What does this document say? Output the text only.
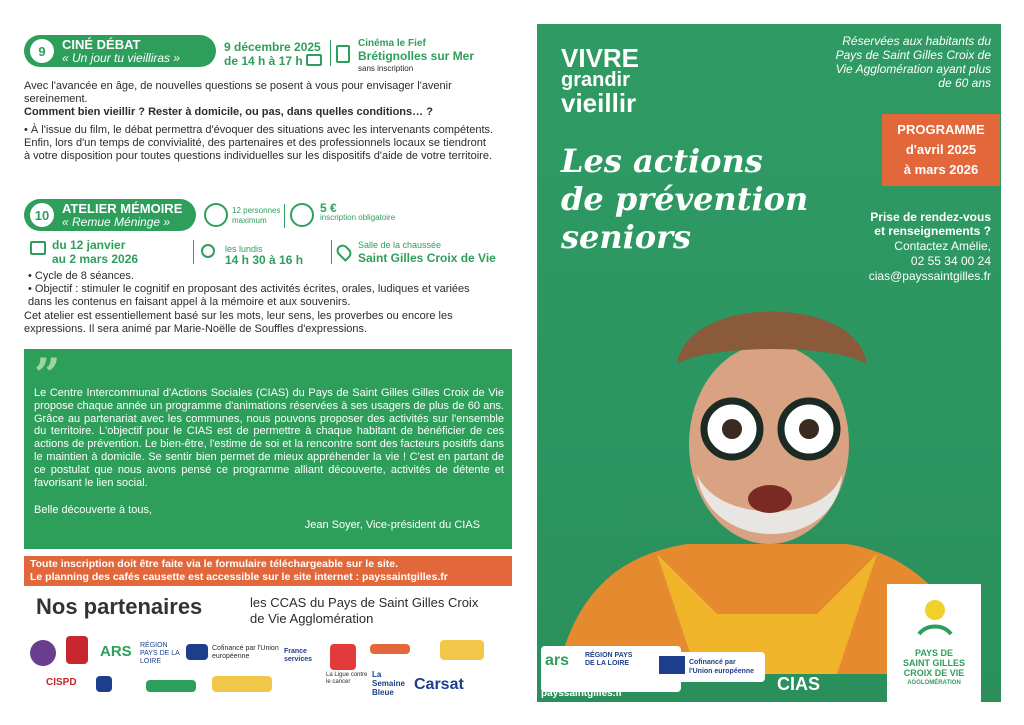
9	CINÉ DÉBAT
« Un jour tu vieilliras »
9 décembre 2025
de 14 h à 17 h
Cinéma le Fief
Brétignolles sur Mer
sans inscription
Avec l'avancée en âge, de nouvelles questions se posent à vous pour envisager l'avenir sereinement.
Comment bien vieillir ? Rester à domicile, ou pas, dans quelles conditions… ?
• À l'issue du film, le débat permettra d'évoquer des situations avec les intervenants compétents. Enfin, lors d'un temps de convivialité, des partenaires et des professionnels locaux se tiendront à votre disposition pour toutes questions individuelles sur les dispositifs d'aide de votre territoire.
10 ATELIER MÉMOIRE
« Remue Méninge »
12 personnes
maximum
5 €
inscription obligatoire
du 12 janvier
au 2 mars 2026
les lundis
14 h 30 à 16 h
Salle de la chaussée
Saint Gilles Croix de Vie
• Cycle de 8 séances.
• Objectif : stimuler le cognitif en proposant des activités écrites, orales, ludiques et variées dans les contenus en faisant appel à la mémoire et aux souvenirs.
Cet atelier est essentiellement basé sur les mots, leur sens, les proverbes ou encore les expressions. Il sera animé par Marie-Noëlle de Souffles d'expressions.
”
Le Centre Intercommunal d'Actions Sociales (CIAS) du Pays de Saint Gilles Gilles Croix de Vie propose chaque année un programme d'animations réservées à ses usagers de plus de 60 ans. Grâce au partenariat avec les communes, nous pouvons proposer des activités sur l'ensemble du territoire. L'objectif pour le CIAS est de permettre à chaque habitant de bénéficier de ces actions de prévention. Le bien-être, l'estime de soi et la rencontre sont des facteurs positifs dans le maintien à domicile. Se sentir bien permet de mieux appréhender la vie ! C'est en partant de ce postulat que nous avons pensé ce programme alliant découverte, activités de détente et favorisant le lien social.
Belle découverte à tous,
Jean Soyer, Vice-président du CIAS
Toute inscription doit être faite via le formulaire téléchargeable sur le site.
Le planning des cafés causette est accessible sur le site internet : payssaintgilles.fr
Nos partenaires	les CCAS du Pays de Saint Gilles Croix de Vie Agglomération
ARS RÉGION PAYS DE LA LOIRE
Cofinancé par l'Union européenne
France services
La Ligue contre le cancer
CISPD
La Semaine Bleue	Carsat
VIVRE
grandir
vieillir
Réservées aux habitants du Pays de Saint Gilles Croix de Vie Agglomération ayant plus de 60 ans
Les actions
de prévention
seniors
PROGRAMME
d'avril 2025
à mars 2026
Prise de rendez-vous
et renseignements ?
Contactez Amélie,
02 55 34 00 24
cias@payssaintgilles.fr
ars RÉGION PAYS DE LA LOIRE	Cofinancé par l'Union européenne
payssaintgilles.fr	CIAS
PAYS DE
SAINT GILLES
CROIX DE VIE
AGGLOMÉRATION
